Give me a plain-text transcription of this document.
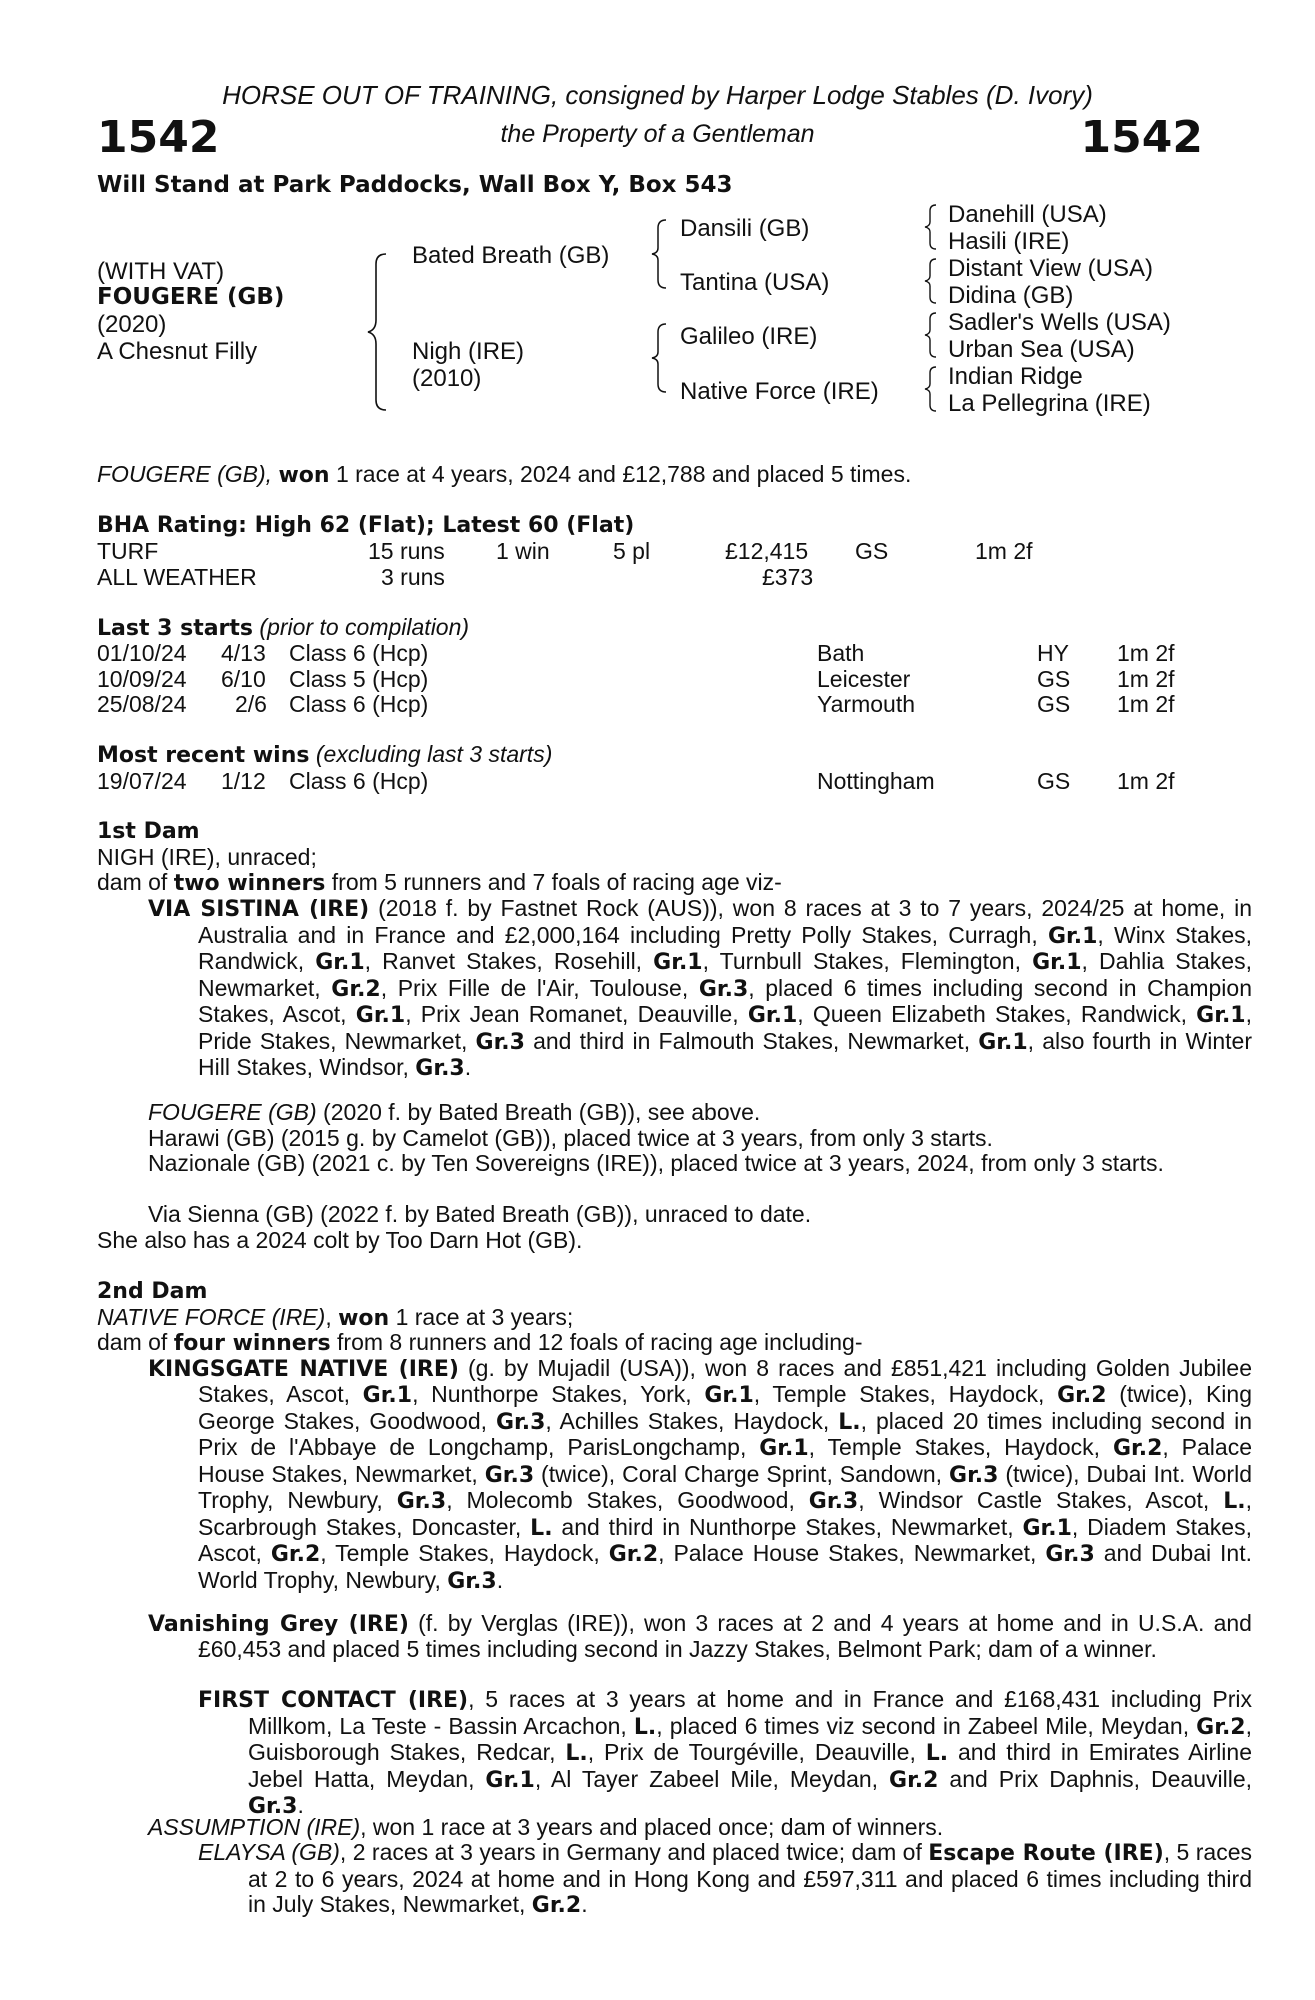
HORSE OUT OF TRAINING, consigned by Harper Lodge Stables (D. Ivory)
the Property of a Gentleman
1542	1542
Will Stand at Park Paddocks, Wall Box Y, Box 543
(WITH VAT)
FOUGERE (GB)
(2020)
A Chesnut Filly
Bated Breath (GB)
Nigh (IRE)
(2010)
Dansili (GB)
Tantina (USA)
Galileo (IRE)
Native Force (IRE)
Danehill (USA)
Hasili (IRE)
Distant View (USA)
Didina (GB)
Sadler's Wells (USA)
Urban Sea (USA)
Indian Ridge
La Pellegrina (IRE)
FOUGERE (GB), won 1 race at 4 years, 2024 and £12,788 and placed 5 times.
BHA Rating: High 62 (Flat); Latest 60 (Flat)
TURF	15 runs 1 win	5 pl	£12,415 GS	1m 2f
ALL WEATHER	3 runs	£373
Last 3 starts (prior to compilation)
01/10/24 4/13 Class 6 (Hcp)	Bath	HY 1m 2f
10/09/24 6/10 Class 5 (Hcp)	Leicester	GS 1m 2f
25/08/24 2/6 Class 6 (Hcp)	Yarmouth	GS 1m 2f
Most recent wins (excluding last 3 starts)
19/07/24 1/12 Class 6 (Hcp)	Nottingham	GS 1m 2f
1st Dam
NIGH (IRE), unraced;
dam of two winners from 5 runners and 7 foals of racing age viz-
VIA SISTINA (IRE) (2018 f. by Fastnet Rock (AUS)), won 8 races at 3 to 7 years, 2024/25 at home, in Australia and in France and £2,000,164 including Pretty Polly Stakes, Curragh, Gr.1, Winx Stakes, Randwick, Gr.1, Ranvet Stakes, Rosehill, Gr.1, Turnbull Stakes, Flemington, Gr.1, Dahlia Stakes, Newmarket, Gr.2, Prix Fille de l'Air, Toulouse, Gr.3, placed 6 times including second in Champion Stakes, Ascot, Gr.1, Prix Jean Romanet, Deauville, Gr.1, Queen Elizabeth Stakes, Randwick, Gr.1, Pride Stakes, Newmarket, Gr.3 and third in Falmouth Stakes, Newmarket, Gr.1, also fourth in Winter Hill Stakes, Windsor, Gr.3.
FOUGERE (GB) (2020 f. by Bated Breath (GB)), see above.
Harawi (GB) (2015 g. by Camelot (GB)), placed twice at 3 years, from only 3 starts.
Nazionale (GB) (2021 c. by Ten Sovereigns (IRE)), placed twice at 3 years, 2024, from only 3 starts.
Via Sienna (GB) (2022 f. by Bated Breath (GB)), unraced to date.
She also has a 2024 colt by Too Darn Hot (GB).
2nd Dam
NATIVE FORCE (IRE), won 1 race at 3 years;
dam of four winners from 8 runners and 12 foals of racing age including-
KINGSGATE NATIVE (IRE) (g. by Mujadil (USA)), won 8 races and £851,421 including Golden Jubilee Stakes, Ascot, Gr.1, Nunthorpe Stakes, York, Gr.1, Temple Stakes, Haydock, Gr.2 (twice), King George Stakes, Goodwood, Gr.3, Achilles Stakes, Haydock, L., placed 20 times including second in Prix de l'Abbaye de Longchamp, ParisLongchamp, Gr.1, Temple Stakes, Haydock, Gr.2, Palace House Stakes, Newmarket, Gr.3 (twice), Coral Charge Sprint, Sandown, Gr.3 (twice), Dubai Int. World Trophy, Newbury, Gr.3, Molecomb Stakes, Goodwood, Gr.3, Windsor Castle Stakes, Ascot, L., Scarbrough Stakes, Doncaster, L. and third in Nunthorpe Stakes, Newmarket, Gr.1, Diadem Stakes, Ascot, Gr.2, Temple Stakes, Haydock, Gr.2, Palace House Stakes, Newmarket, Gr.3 and Dubai Int. World Trophy, Newbury, Gr.3.
Vanishing Grey (IRE) (f. by Verglas (IRE)), won 3 races at 2 and 4 years at home and in U.S.A. and £60,453 and placed 5 times including second in Jazzy Stakes, Belmont Park; dam of a winner.
FIRST CONTACT (IRE), 5 races at 3 years at home and in France and £168,431 including Prix Millkom, La Teste - Bassin Arcachon, L., placed 6 times viz second in Zabeel Mile, Meydan, Gr.2, Guisborough Stakes, Redcar, L., Prix de Tourgéville, Deauville, L. and third in Emirates Airline Jebel Hatta, Meydan, Gr.1, Al Tayer Zabeel Mile, Meydan, Gr.2 and Prix Daphnis, Deauville, Gr.3.
ASSUMPTION (IRE), won 1 race at 3 years and placed once; dam of winners.
ELAYSA (GB), 2 races at 3 years in Germany and placed twice; dam of Escape Route (IRE), 5 races at 2 to 6 years, 2024 at home and in Hong Kong and £597,311 and placed 6 times including third in July Stakes, Newmarket, Gr.2.
